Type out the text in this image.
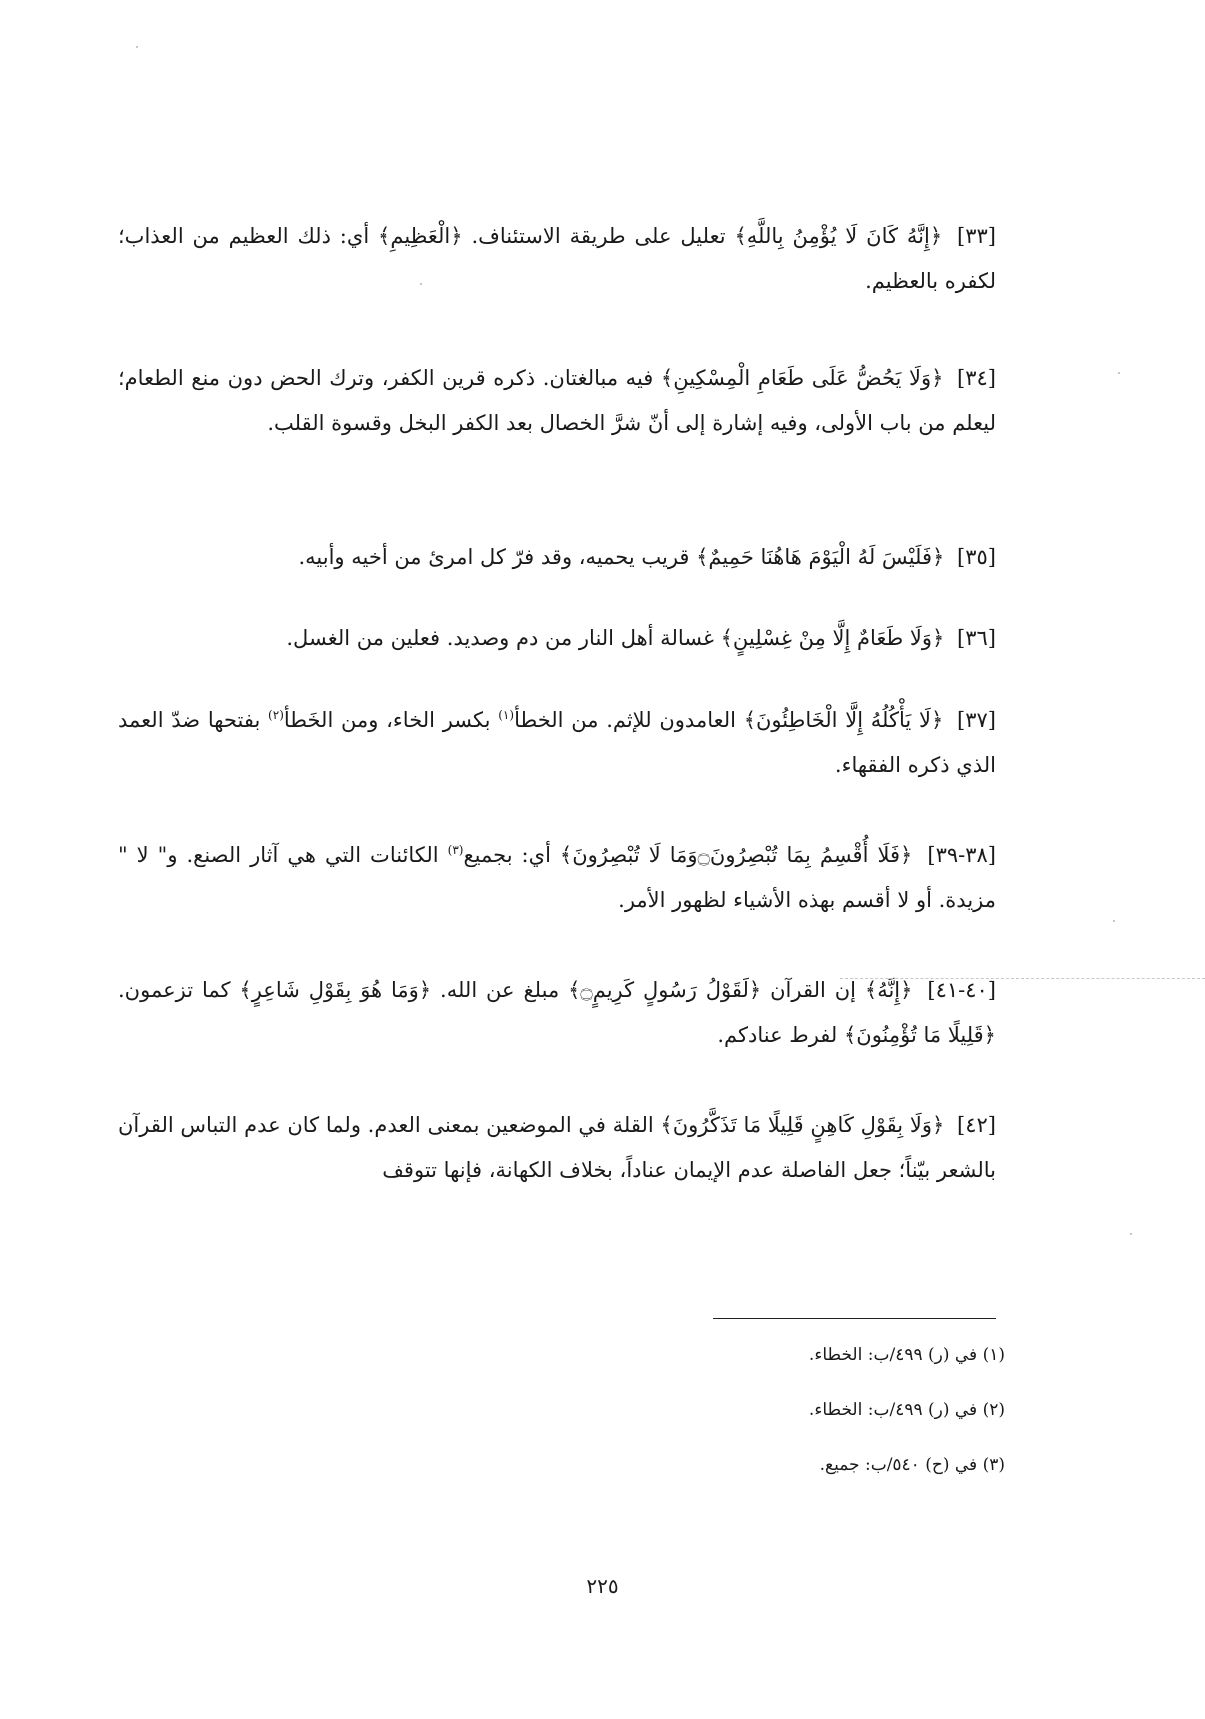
[٣٣] ﴿إِنَّهُ كَانَ لَا يُؤْمِنُ بِاللَّهِ﴾ تعليل على طريقة الاستئناف. ﴿الْعَظِيمِ﴾ أي: ذلك العظيم من العذاب؛ لكفره بالعظيم.

[٣٤] ﴿وَلَا يَحُضُّ عَلَى طَعَامِ الْمِسْكِينِ﴾ فيه مبالغتان. ذكره قرين الكفر، وترك الحض دون منع الطعام؛ ليعلم من باب الأولى، وفيه إشارة إلى أنّ شرَّ الخصال بعد الكفر البخل وقسوة القلب.

[٣٥] ﴿فَلَيْسَ لَهُ الْيَوْمَ هَاهُنَا حَمِيمٌ﴾ قريب يحميه، وقد فرّ كل امرئ من أخيه وأبيه.

[٣٦] ﴿وَلَا طَعَامٌ إِلَّا مِنْ غِسْلِينٍ﴾ غسالة أهل النار من دم وصديد. فعلين من الغسل.

[٣٧] ﴿لَا يَأْكُلُهُ إِلَّا الْخَاطِئُونَ﴾ العامدون للإثم. من الخطأ$^{(١)}$ بكسر الخاء، ومن الخَطأ$^{(٢)}$ بفتحها ضدّ العمد الذي ذكره الفقهاء.

[٣٨-٣٩] ﴿فَلَا أُقْسِمُ بِمَا تُبْصِرُونَ۝وَمَا لَا تُبْصِرُونَ﴾ أي: بجميع$^{(٣)}$ الكائنات التي هي آثار الصنع. و" لا " مزيدة. أو لا أقسم بهذه الأشياء لظهور الأمر.

[٤٠-٤١] ﴿إِنَّهُ﴾ إن القرآن ﴿لَقَوْلُ رَسُولٍ كَرِيمٍ۝﴾ مبلغ عن الله. ﴿وَمَا هُوَ بِقَوْلِ شَاعِرٍ﴾ كما تزعمون. ﴿قَلِيلًا مَا تُؤْمِنُونَ﴾ لفرط عنادكم.

[٤٢] ﴿وَلَا بِقَوْلِ كَاهِنٍ قَلِيلًا مَا تَذَكَّرُونَ﴾ القلة في الموضعين بمعنى العدم. ولما كان عدم التباس القرآن بالشعر بيّناً؛ جعل الفاصلة عدم الإيمان عناداً، بخلاف الكهانة، فإنها تتوقف

(١) في (ر) ٤٩٩/ب: الخطاء.
(٢) في (ر) ٤٩٩/ب: الخطاء.
(٣) في (ح) ٥٤٠/ب: جميع.
٢٢٥
